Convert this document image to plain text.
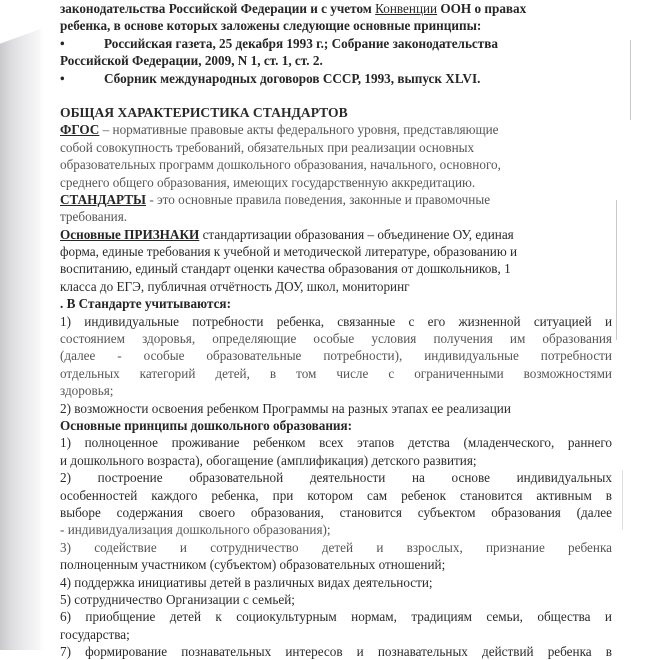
законодательства Российской Федерации и с учетом Конвенции ООН о правах
ребенка, в основе которых заложены следующие основные принципы:
•	Российская газета, 25 декабря 1993 г.; Собрание законодательства
Российской Федерации, 2009, N 1, ст. 1, ст. 2.
•	Сборник международных договоров СССР, 1993, выпуск XLVI.
ОБЩАЯ ХАРАКТЕРИСТИКА СТАНДАРТОВ
ФГОС – нормативные правовые акты федерального уровня, представляющие
собой совокупность требований, обязательных при реализации основных
образовательных программ дошкольного образования, начального, основного,
среднего общего образования, имеющих государственную аккредитацию.
СТАНДАРТЫ - это основные правила поведения, законные и правомочные
требования.
Основные ПРИЗНАКИ стандартизации образования – объединение ОУ, единая
форма, единые требования к учебной и методической литературе, образованию и
воспитанию, единый стандарт оценки качества образования от дошкольников, 1
класса до ЕГЭ, публичная отчётность ДОУ, школ, мониторинг
. В Стандарте учитываются:
1) индивидуальные потребности ребенка, связанные с его жизненной ситуацией и
состоянием здоровья, определяющие особые условия получения им образования
(далее - особые образовательные потребности), индивидуальные потребности
отдельных категорий детей, в том числе с ограниченными возможностями
здоровья;
2) возможности освоения ребенком Программы на разных этапах ее реализации
Основные принципы дошкольного образования:
1) полноценное проживание ребенком всех этапов детства (младенческого, раннего
и дошкольного возраста), обогащение (амплификация) детского развития;
2) построение образовательной деятельности на основе индивидуальных
особенностей каждого ребенка, при котором сам ребенок становится активным в
выборе содержания своего образования, становится субъектом образования (далее
- индивидуализация дошкольного образования);
3) содействие и сотрудничество детей и взрослых, признание ребенка
полноценным участником (субъектом) образовательных отношений;
4) поддержка инициативы детей в различных видах деятельности;
5) сотрудничество Организации с семьей;
6) приобщение детей к социокультурным нормам, традициям семьи, общества и
государства;
7) формирование познавательных интересов и познавательных действий ребенка в
